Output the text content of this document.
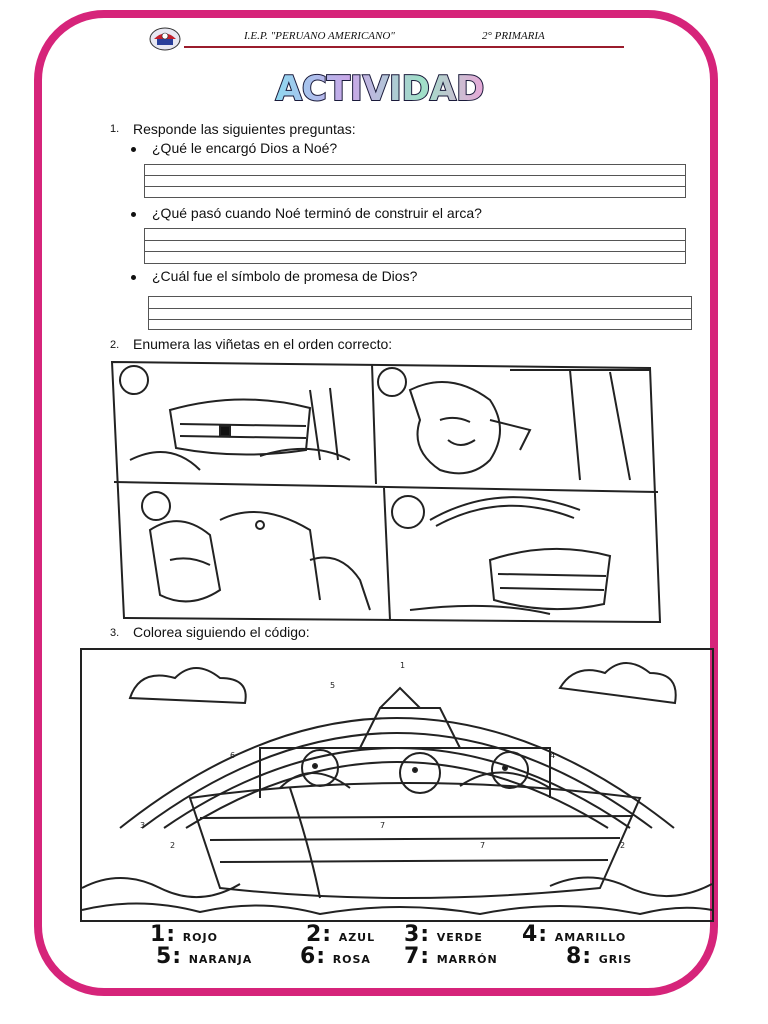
I.E.P. "PERUANO AMERICANO"	2° PRIMARIA
ACTIVIDAD
1. Responde las siguientes preguntas:
¿Qué le encargó Dios a Noé?
¿Qué pasó cuando Noé terminó de construir el arca?
¿Cuál fue el símbolo de promesa de Dios?
2. Enumera las viñetas en el orden correcto:
3. Colorea siguiendo el código:
3
2
7
7
1
5
2
6	4
1: ROJO	2: AZUL 3: VERDE 4: AMARILLO
5: NARANJA 6: ROSA 7: MARRÓN	8: GRIS
